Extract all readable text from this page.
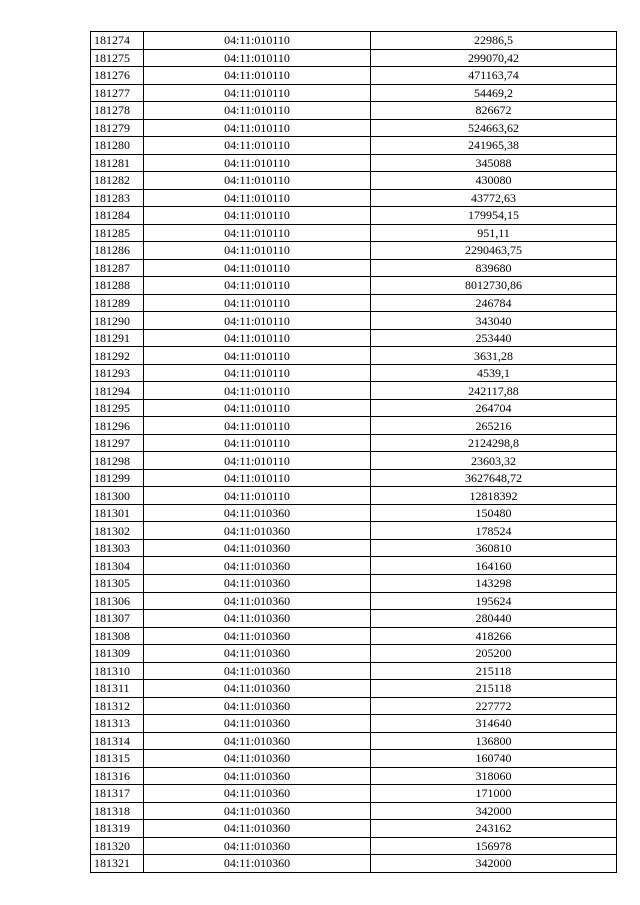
181274	04:11:010110	22986,5
181275	04:11:010110	299070,42
181276	04:11:010110	471163,74
181277	04:11:010110	54469,2
181278	04:11:010110	826672
181279	04:11:010110	524663,62
181280	04:11:010110	241965,38
181281	04:11:010110	345088
181282	04:11:010110	430080
181283	04:11:010110	43772,63
181284	04:11:010110	179954,15
181285	04:11:010110	951,11
181286	04:11:010110	2290463,75
181287	04:11:010110	839680
181288	04:11:010110	8012730,86
181289	04:11:010110	246784
181290	04:11:010110	343040
181291	04:11:010110	253440
181292	04:11:010110	3631,28
181293	04:11:010110	4539,1
181294	04:11:010110	242117,88
181295	04:11:010110	264704
181296	04:11:010110	265216
181297	04:11:010110	2124298,8
181298	04:11:010110	23603,32
181299	04:11:010110	3627648,72
181300	04:11:010110	12818392
181301	04:11:010360	150480
181302	04:11:010360	178524
181303	04:11:010360	360810
181304	04:11:010360	164160
181305	04:11:010360	143298
181306	04:11:010360	195624
181307	04:11:010360	280440
181308	04:11:010360	418266
181309	04:11:010360	205200
181310	04:11:010360	215118
181311	04:11:010360	215118
181312	04:11:010360	227772
181313	04:11:010360	314640
181314	04:11:010360	136800
181315	04:11:010360	160740
181316	04:11:010360	318060
181317	04:11:010360	171000
181318	04:11:010360	342000
181319	04:11:010360	243162
181320	04:11:010360	156978
181321	04:11:010360	342000
